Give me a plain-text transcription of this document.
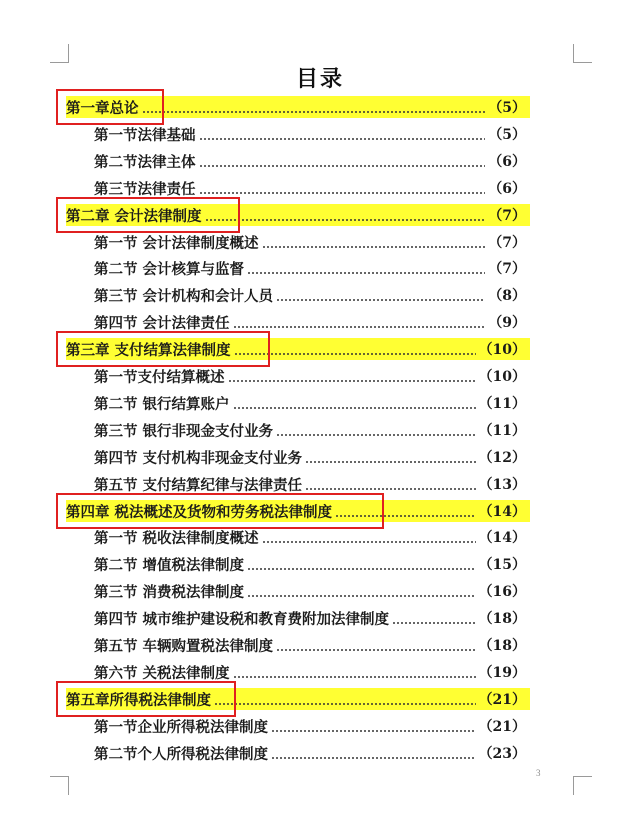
目录
第一章总论	（5）
第一节法律基础	（5）
第二节法律主体	（6）
第三节法律责任	（6）
第二章 会计法律制度	（7）
第一节 会计法律制度概述	（7）
第二节 会计核算与监督	（7）
第三节 会计机构和会计人员	（8）
第四节 会计法律责任	（9）
第三章 支付结算法律制度	（10）
第一节支付结算概述	（10）
第二节 银行结算账户	（11）
第三节 银行非现金支付业务	（11）
第四节 支付机构非现金支付业务	（12）
第五节 支付结算纪律与法律责任	（13）
第四章 税法概述及货物和劳务税法律制度	（14）
第一节 税收法律制度概述	（14）
第二节 增值税法律制度	（15）
第三节 消费税法律制度	（16）
第四节 城市维护建设税和教育费附加法律制度	（18）
第五节 车辆购置税法律制度	（18）
第六节 关税法律制度	（19）
第五章所得税法律制度	（21）
第一节企业所得税法律制度	（21）
第二节个人所得税法律制度	（23）
3
